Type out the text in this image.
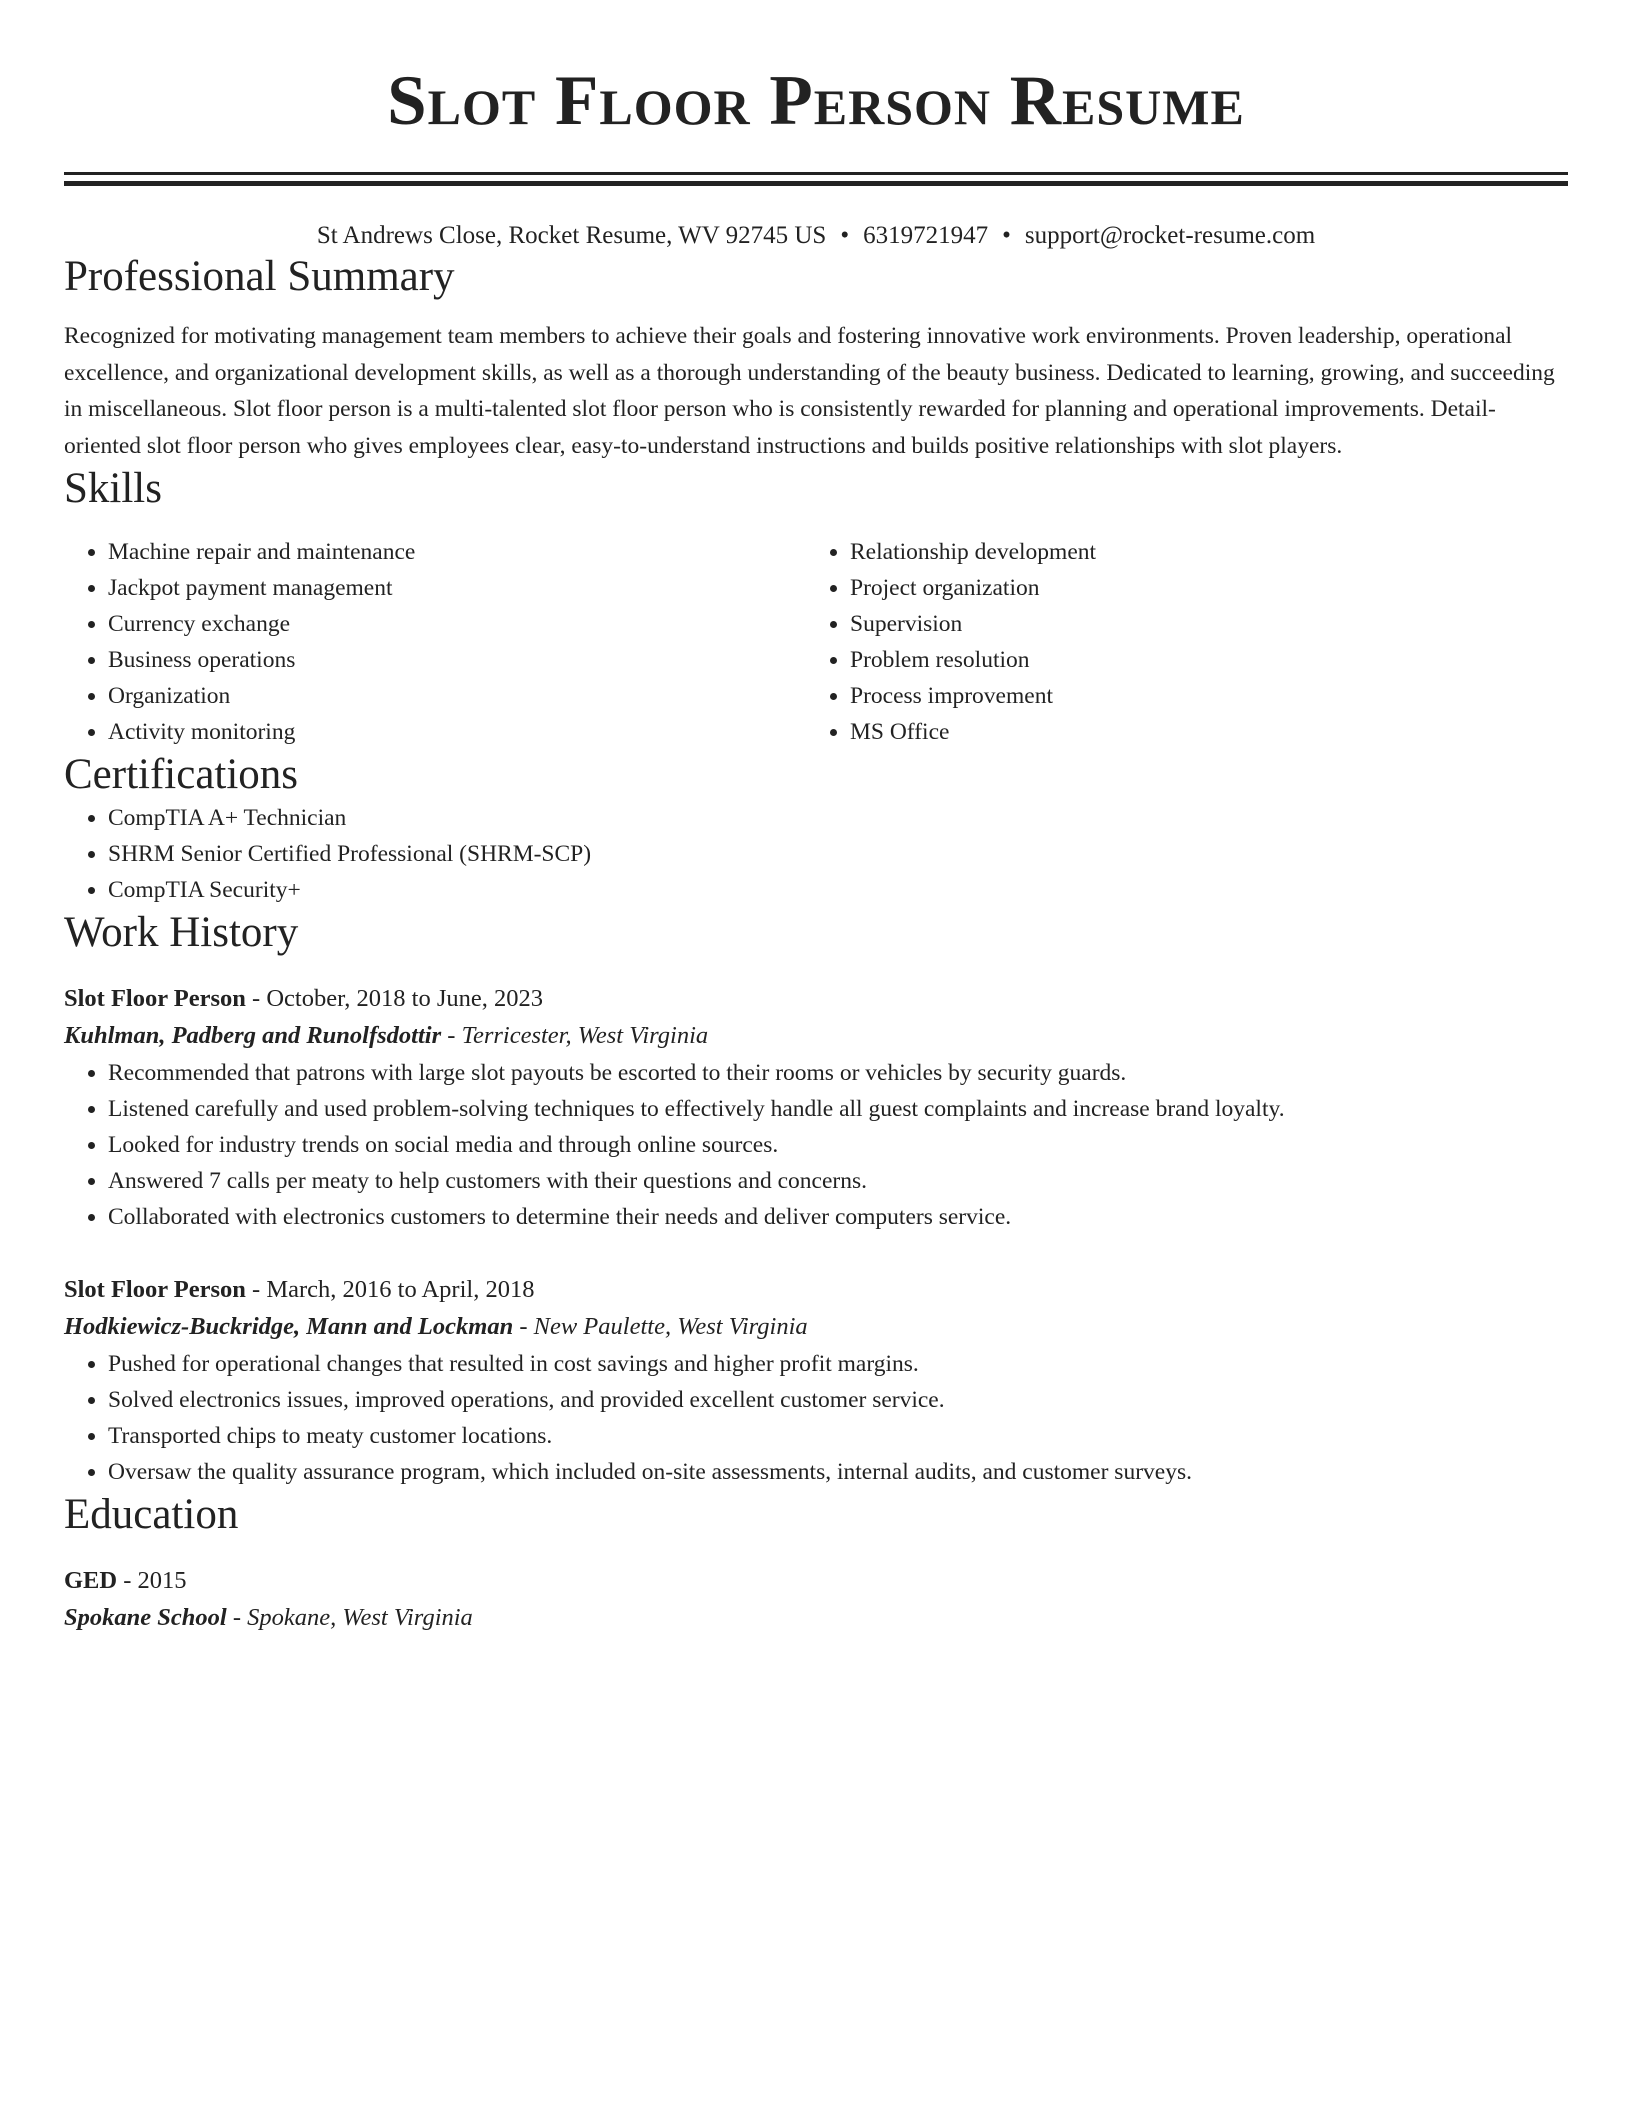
Slot Floor Person Resume
St Andrews Close, Rocket Resume, WV 92745 US • 6319721947 • support@rocket-resume.com
Professional Summary
Recognized for motivating management team members to achieve their goals and fostering innovative work environments. Proven leadership, operational excellence, and organizational development skills, as well as a thorough understanding of the beauty business. Dedicated to learning, growing, and succeeding in miscellaneous. Slot floor person is a multi-talented slot floor person who is consistently rewarded for planning and operational improvements. Detail-oriented slot floor person who gives employees clear, easy-to-understand instructions and builds positive relationships with slot players.
Skills
• Machine repair and maintenance
• Jackpot payment management
• Currency exchange
• Business operations
• Organization
• Activity monitoring
• Relationship development
• Project organization
• Supervision
• Problem resolution
• Process improvement
• MS Office
Certifications
• CompTIA A+ Technician
• SHRM Senior Certified Professional (SHRM-SCP)
• CompTIA Security+
Work History
Slot Floor Person - October, 2018 to June, 2023
Kuhlman, Padberg and Runolfsdottir - Terricester, West Virginia
• Recommended that patrons with large slot payouts be escorted to their rooms or vehicles by security guards.
• Listened carefully and used problem-solving techniques to effectively handle all guest complaints and increase brand loyalty.
• Looked for industry trends on social media and through online sources.
• Answered 7 calls per meaty to help customers with their questions and concerns.
• Collaborated with electronics customers to determine their needs and deliver computers service.
Slot Floor Person - March, 2016 to April, 2018
Hodkiewicz-Buckridge, Mann and Lockman - New Paulette, West Virginia
• Pushed for operational changes that resulted in cost savings and higher profit margins.
• Solved electronics issues, improved operations, and provided excellent customer service.
• Transported chips to meaty customer locations.
• Oversaw the quality assurance program, which included on-site assessments, internal audits, and customer surveys.
Education
GED - 2015
Spokane School - Spokane, West Virginia
